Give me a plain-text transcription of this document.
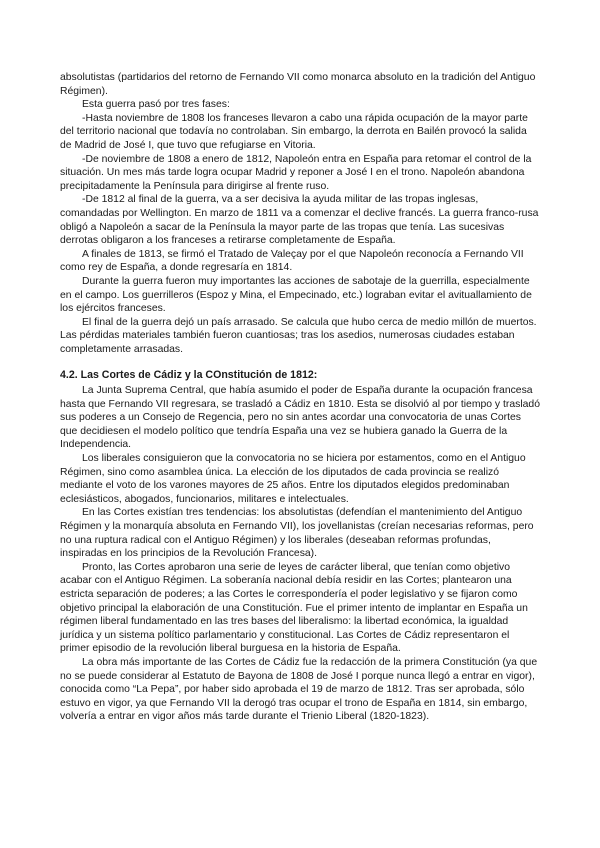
absolutistas (partidarios del retorno de Fernando VII como monarca absoluto en la tradición del Antiguo Régimen).

Esta guerra pasó por tres fases:

-Hasta noviembre de 1808 los franceses llevaron a cabo una rápida ocupación de la mayor parte del territorio nacional que todavía no controlaban. Sin embargo, la derrota en Bailén provocó la salida de Madrid de José I, que tuvo que refugiarse en Vitoria.

-De noviembre de 1808 a enero de 1812, Napoleón entra en España para retomar el control de la situación. Un mes más tarde logra ocupar Madrid y reponer a José I en el trono. Napoleón abandona precipitadamente la Península para dirigirse al frente ruso.

-De 1812 al final de la guerra, va a ser decisiva la ayuda militar de las tropas inglesas, comandadas por Wellington. En marzo de 1811 va a comenzar el declive francés. La guerra franco-rusa obligó a Napoleón a sacar de la Península la mayor parte de las tropas que tenía. Las sucesivas derrotas obligaron a los franceses a retirarse completamente de España.

A finales de 1813, se firmó el Tratado de Valeçay por el que Napoleón reconocía a Fernando VII como rey de España, a donde regresaría en 1814.

Durante la guerra fueron muy importantes las acciones de sabotaje de la guerrilla, especialmente en el campo. Los guerrilleros (Espoz y Mina, el Empecinado, etc.) lograban evitar el avituallamiento de los ejércitos franceses.

El final de la guerra dejó un país arrasado. Se calcula que hubo cerca de medio millón de muertos. Las pérdidas materiales también fueron cuantiosas; tras los asedios, numerosas ciudades estaban completamente arrasadas.

4.2. Las Cortes de Cádiz y la COnstitución de 1812:

La Junta Suprema Central, que había asumido el poder de España durante la ocupación francesa hasta que Fernando VII regresara, se trasladó a Cádiz en 1810. Esta se disolvió al por tiempo y trasladó sus poderes a un Consejo de Regencia, pero no sin antes acordar una convocatoria de unas Cortes que decidiesen el modelo político que tendría España una vez se hubiera ganado la Guerra de la Independencia.

Los liberales consiguieron que la convocatoria no se hiciera por estamentos, como en el Antiguo Régimen, sino como asamblea única. La elección de los diputados de cada provincia se realizó mediante el voto de los varones mayores de 25 años. Entre los diputados elegidos predominaban eclesiásticos, abogados, funcionarios, militares e intelectuales.

En las Cortes existían tres tendencias: los absolutistas (defendían el mantenimiento del Antiguo Régimen y la monarquía absoluta en Fernando VII), los jovellanistas (creían necesarias reformas, pero no una ruptura radical con el Antiguo Régimen) y los liberales (deseaban reformas profundas, inspiradas en los principios de la Revolución Francesa).

Pronto, las Cortes aprobaron una serie de leyes de carácter liberal, que tenían como objetivo acabar con el Antiguo Régimen. La soberanía nacional debía residir en las Cortes; plantearon una estricta separación de poderes; a las Cortes le correspondería el poder legislativo y se fijaron como objetivo principal la elaboración de una Constitución. Fue el primer intento de implantar en España un régimen liberal fundamentado en las tres bases del liberalismo: la libertad económica, la igualdad jurídica y un sistema político parlamentario y constitucional. Las Cortes de Cádiz representaron el primer episodio de la revolución liberal burguesa en la historia de España.

La obra más importante de las Cortes de Cádiz fue la redacción de la primera Constitución (ya que no se puede considerar al Estatuto de Bayona de 1808 de José I porque nunca llegó a entrar en vigor), conocida como “La Pepa”, por haber sido aprobada el 19 de marzo de 1812. Tras ser aprobada, sólo estuvo en vigor, ya que Fernando VII la derogó tras ocupar el trono de España en 1814, sin embargo, volvería a entrar en vigor años más tarde durante el Trienio Liberal (1820-1823).
